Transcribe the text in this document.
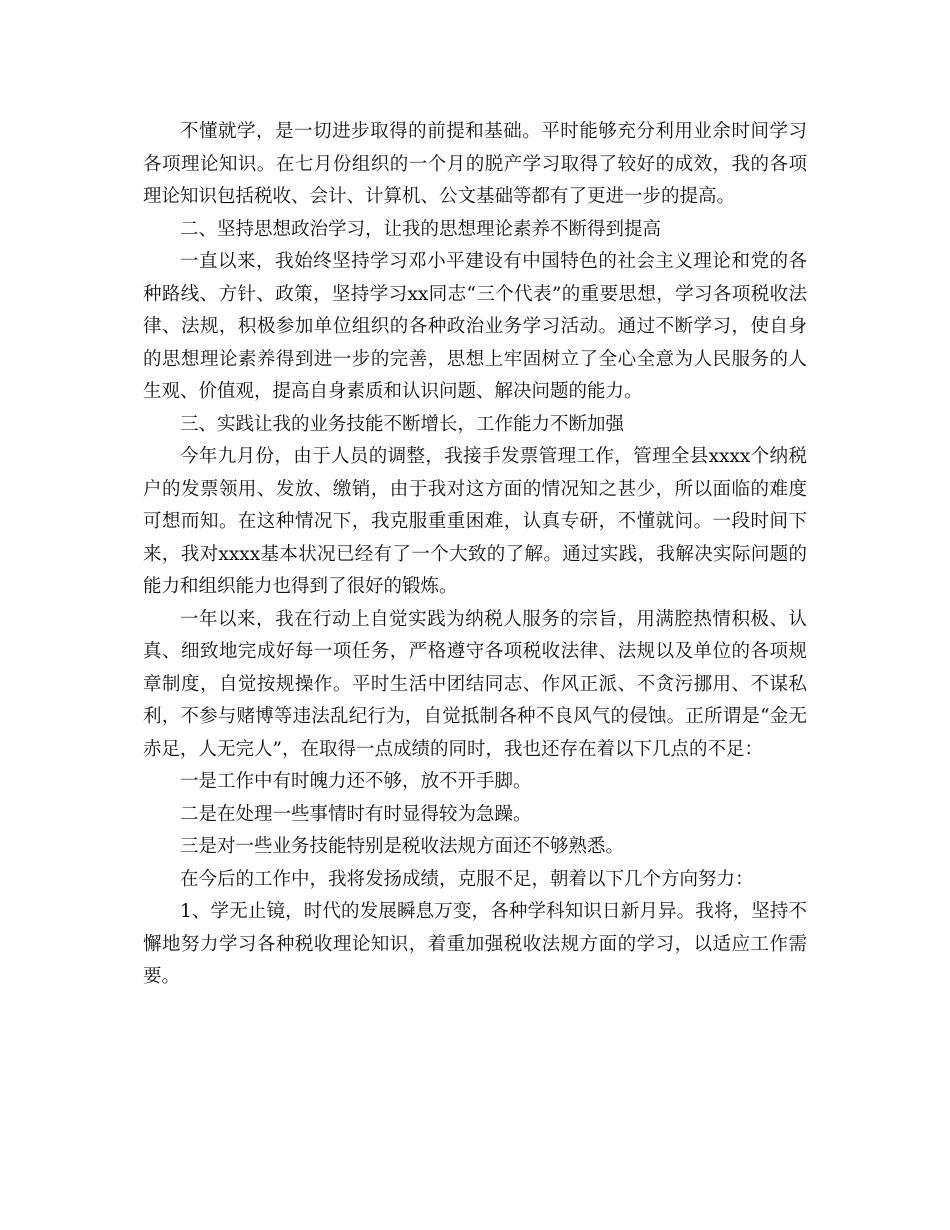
不懂就学，是一切进步取得的前提和基础。平时能够充分利用业余时间学习各项理论知识。在七月份组织的一个月的脱产学习取得了较好的成效，我的各项理论知识包括税收、会计、计算机、公文基础等都有了更进一步的提高。

二、坚持思想政治学习，让我的思想理论素养不断得到提高

一直以来，我始终坚持学习邓小平建设有中国特色的社会主义理论和党的各种路线、方针、政策，坚持学习xx同志“三个代表”的重要思想，学习各项税收法律、法规，积极参加单位组织的各种政治业务学习活动。通过不断学习，使自身的思想理论素养得到进一步的完善，思想上牢固树立了全心全意为人民服务的人生观、价值观，提高自身素质和认识问题、解决问题的能力。

三、实践让我的业务技能不断增长，工作能力不断加强

今年九月份，由于人员的调整，我接手发票管理工作，管理全县xxxx个纳税户的发票领用、发放、缴销，由于我对这方面的情况知之甚少，所以面临的难度可想而知。在这种情况下，我克服重重困难，认真专研，不懂就问。一段时间下来，我对xxxx基本状况已经有了一个大致的了解。通过实践，我解决实际问题的能力和组织能力也得到了很好的锻炼。

一年以来，我在行动上自觉实践为纳税人服务的宗旨，用满腔热情积极、认真、细致地完成好每一项任务，严格遵守各项税收法律、法规以及单位的各项规章制度，自觉按规操作。平时生活中团结同志、作风正派、不贪污挪用、不谋私利，不参与赌博等违法乱纪行为，自觉抵制各种不良风气的侵蚀。正所谓是“金无赤足，人无完人”，在取得一点成绩的同时，我也还存在着以下几点的不足：

一是工作中有时魄力还不够，放不开手脚。

二是在处理一些事情时有时显得较为急躁。

三是对一些业务技能特别是税收法规方面还不够熟悉。

在今后的工作中，我将发扬成绩，克服不足，朝着以下几个方向努力：

1、学无止镜，时代的发展瞬息万变，各种学科知识日新月异。我将，坚持不懈地努力学习各种税收理论知识，着重加强税收法规方面的学习，以适应工作需要。
